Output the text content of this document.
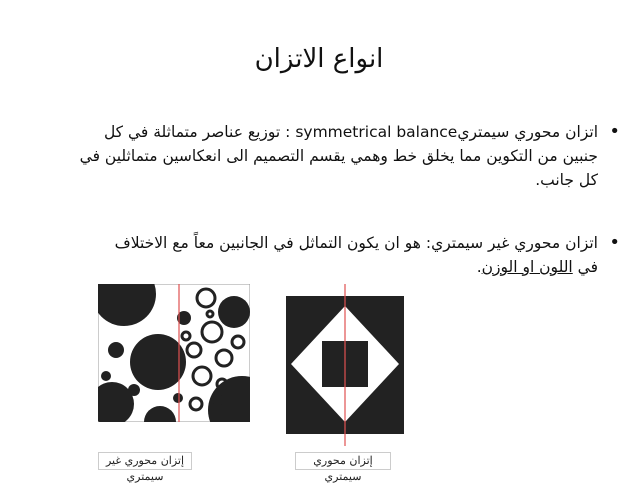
انواع الاتزان
•
اتزان محوري سيمتريsymmetrical balance : توزيع عناصر متماثلة في كل
جنبين من التكوين مما يخلق خط وهمي يقسم التصميم الى انعكاسين متماثلين في
كل جانب.
•
اتزان محوري غير سيمتري: هو ان يكون التماثل في الجانبين معاً مع الاختلاف
في اللون او الوزن.
إتزان محوري غير سيمتري
إتزان محوري سيمتري
